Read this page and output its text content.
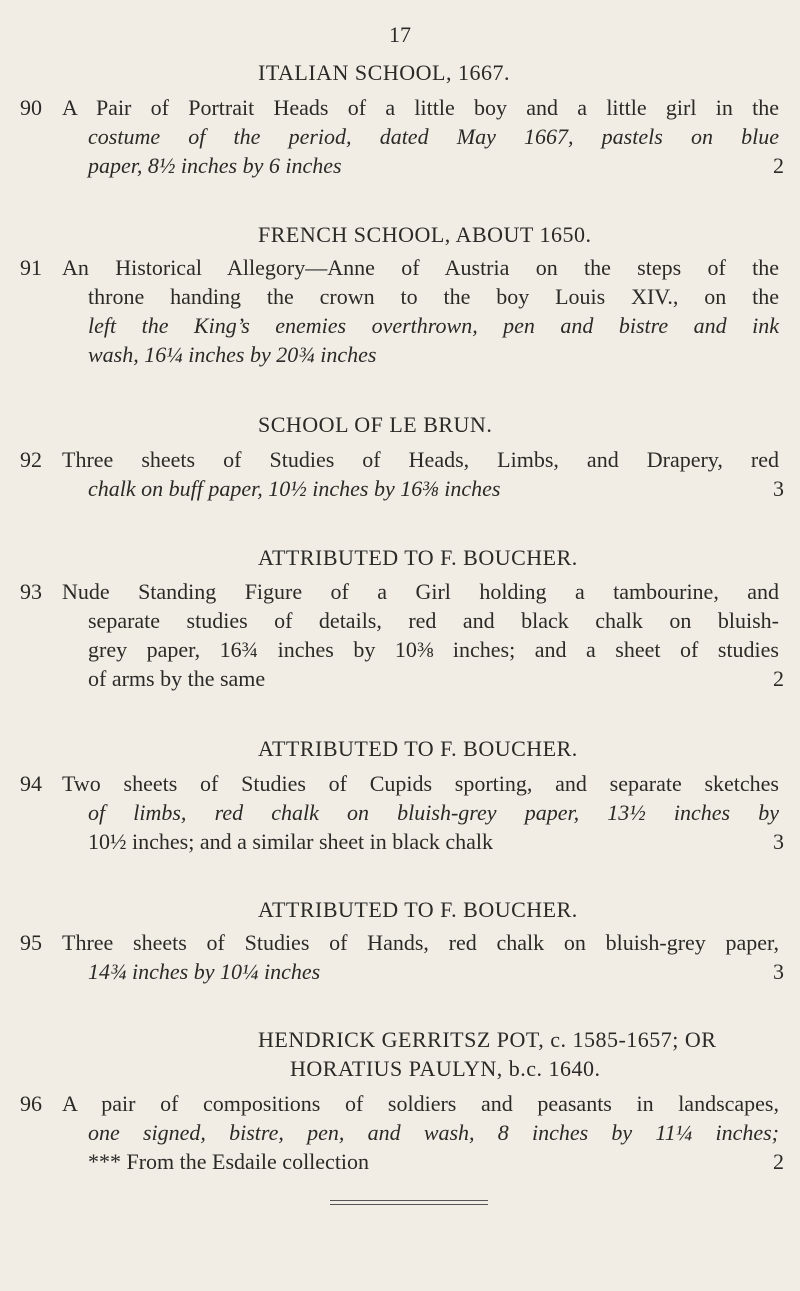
17
ITALIAN SCHOOL, 1667.
90 A Pair of Portrait Heads of a little boy and a little girl in the
costume of the period, dated May 1667, pastels on blue
paper, 8½ inches by 6 inches	2
FRENCH SCHOOL, ABOUT 1650.
91 An Historical Allegory—Anne of Austria on the steps of the
throne handing the crown to the boy Louis XIV., on the
left the King’s enemies overthrown, pen and bistre and ink
wash, 16¼ inches by 20¾ inches
SCHOOL OF LE BRUN.
92 Three sheets of Studies of Heads, Limbs, and Drapery, red
chalk on buff paper, 10½ inches by 16⅜ inches	3
ATTRIBUTED TO F. BOUCHER.
93 Nude Standing Figure of a Girl holding a tambourine, and
separate studies of details, red and black chalk on bluish-
grey paper, 16¾ inches by 10⅜ inches; and a sheet of studies
of arms by the same	2
ATTRIBUTED TO F. BOUCHER.
94 Two sheets of Studies of Cupids sporting, and separate sketches
of limbs, red chalk on bluish-grey paper, 13½ inches by
10½ inches; and a similar sheet in black chalk	3
ATTRIBUTED TO F. BOUCHER.
95 Three sheets of Studies of Hands, red chalk on bluish-grey paper,
14¾ inches by 10¼ inches	3
HENDRICK GERRITSZ POT, c. 1585-1657; OR
HORATIUS PAULYN, b.c. 1640.
96 A pair of compositions of soldiers and peasants in landscapes,
one signed, bistre, pen, and wash, 8 inches by 11¼ inches;
*** From the Esdaile collection	2
